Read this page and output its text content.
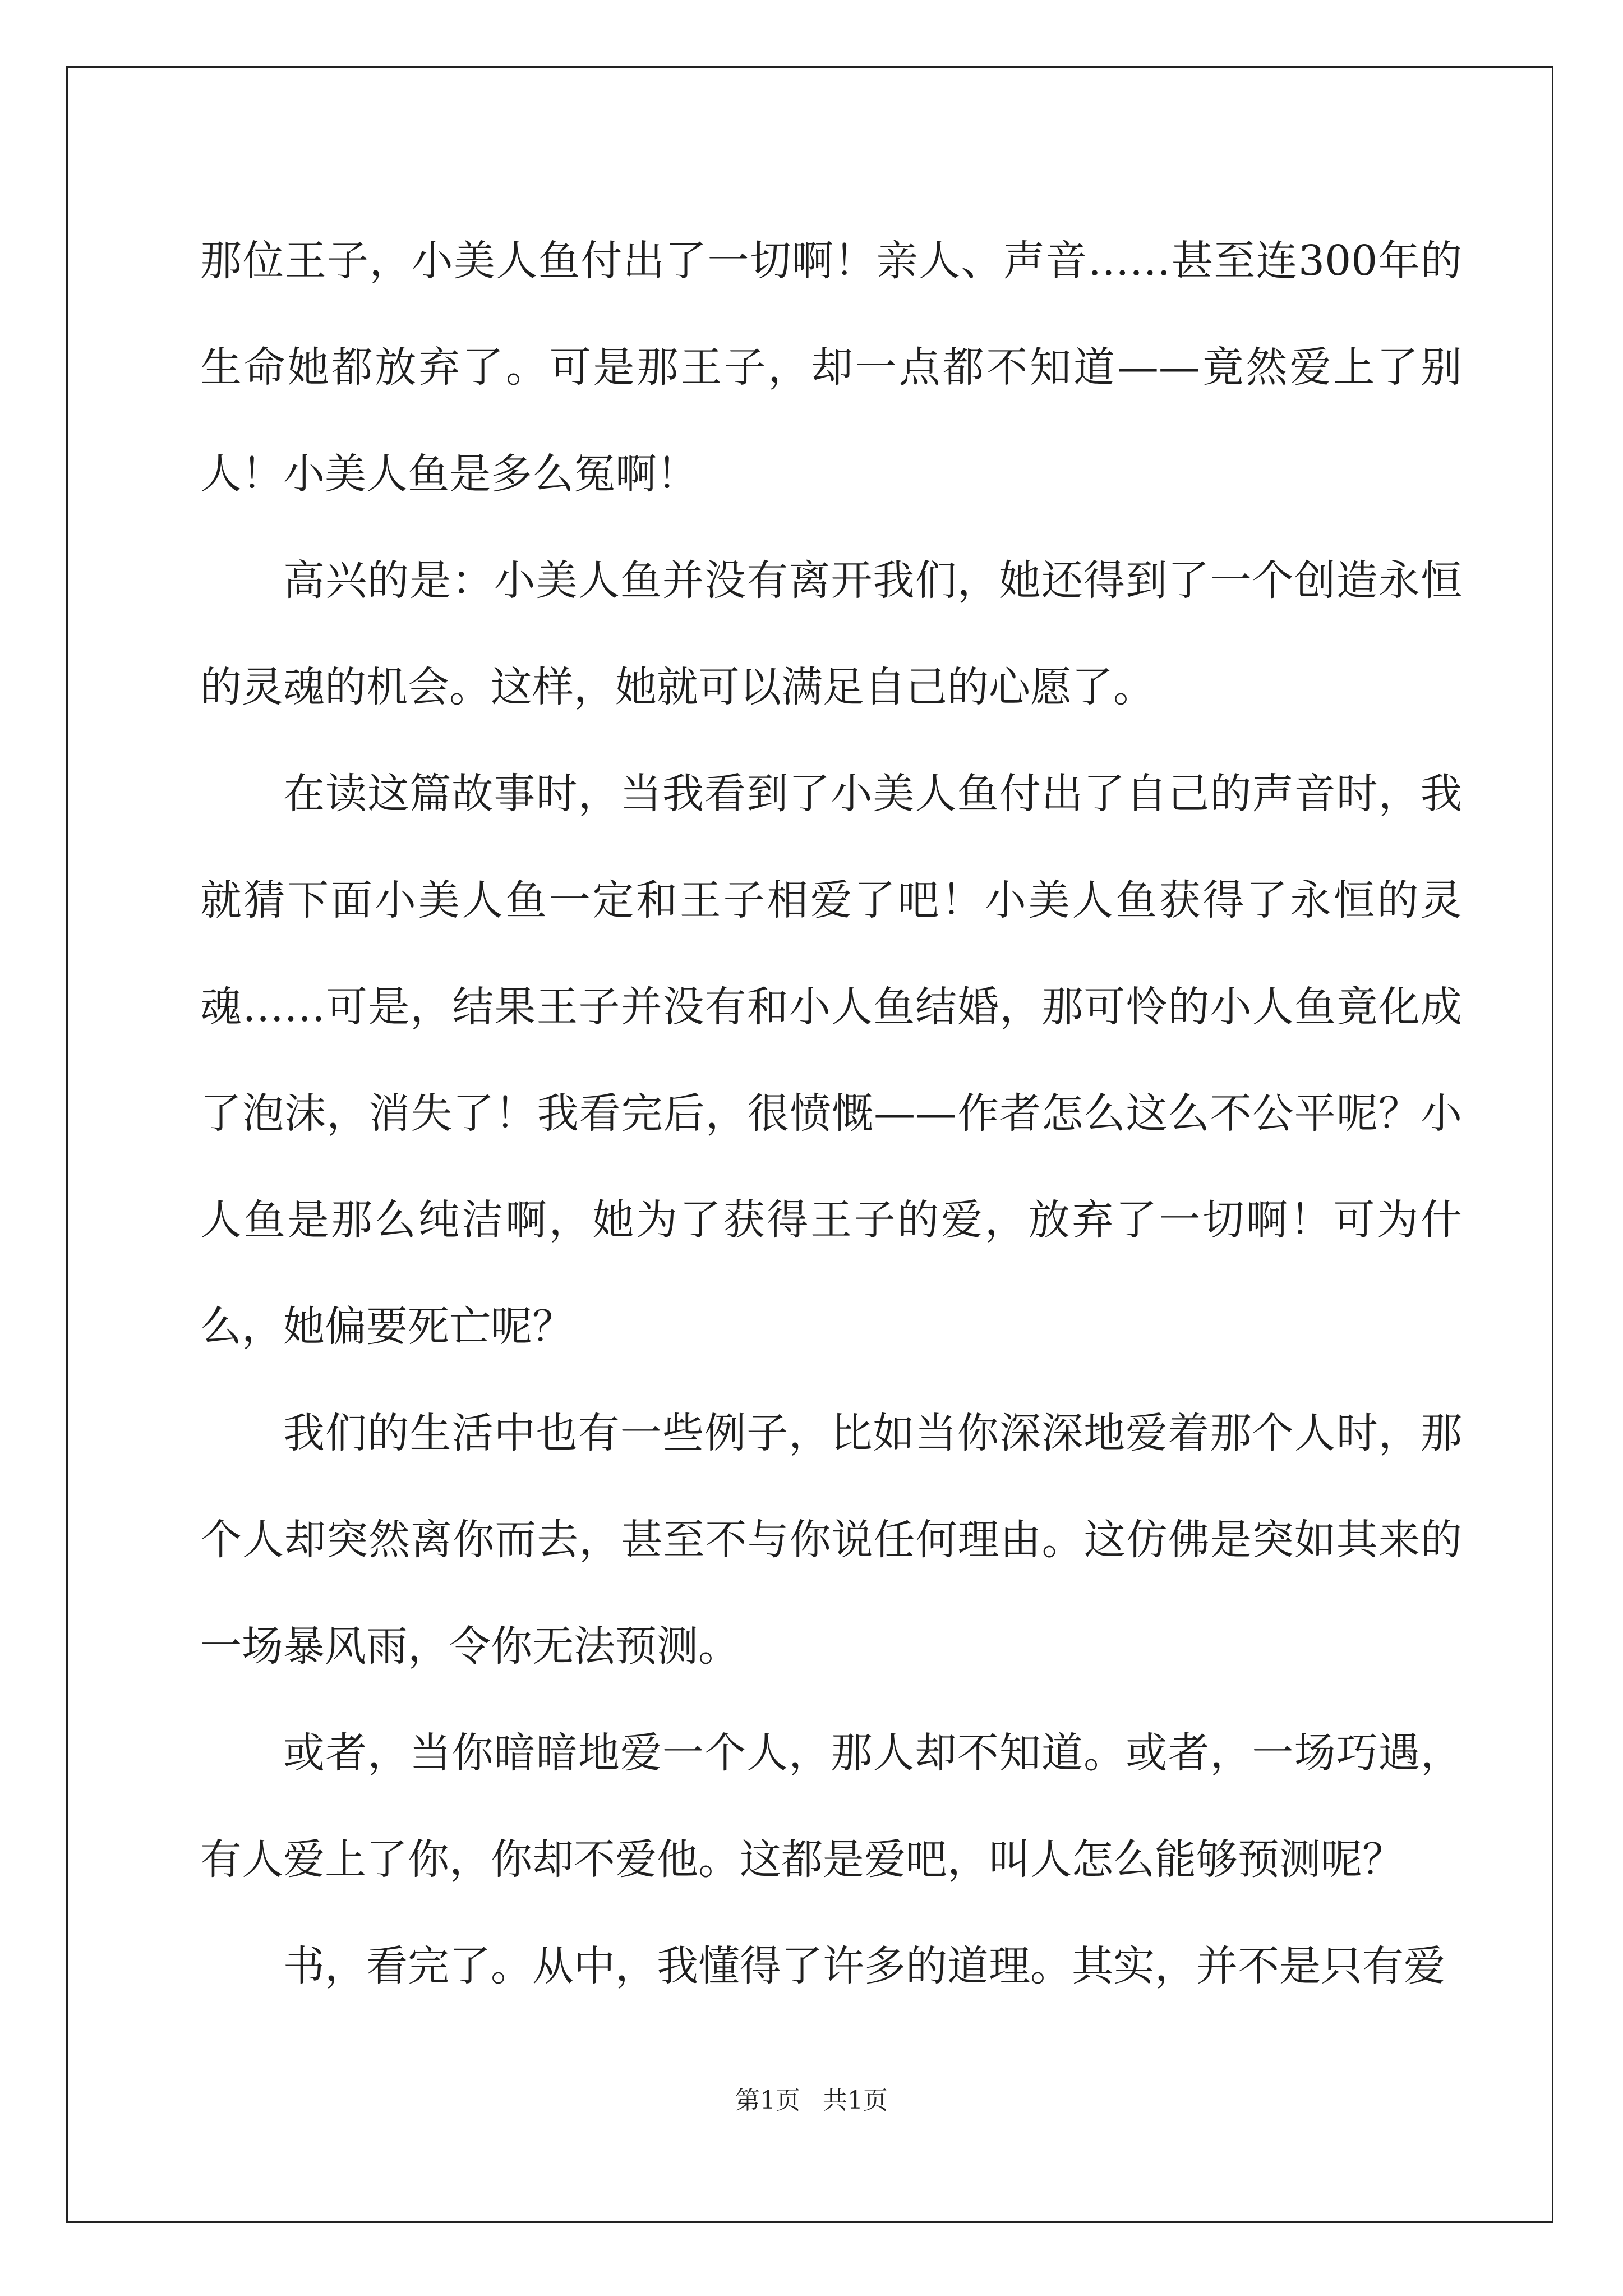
那位王子，小美人鱼付出了一切啊！亲人、声音……甚至连300年的生命她都放弃了。可是那王子，却一点都不知道——竟然爱上了别人！小美人鱼是多么冤啊！

高兴的是：小美人鱼并没有离开我们，她还得到了一个创造永恒的灵魂的机会。这样，她就可以满足自己的心愿了。

在读这篇故事时，当我看到了小美人鱼付出了自己的声音时，我就猜下面小美人鱼一定和王子相爱了吧！小美人鱼获得了永恒的灵魂……可是，结果王子并没有和小人鱼结婚，那可怜的小人鱼竟化成了泡沫，消失了！我看完后，很愤慨——作者怎么这么不公平呢？小人鱼是那么纯洁啊，她为了获得王子的爱，放弃了一切啊！可为什么，她偏要死亡呢？

我们的生活中也有一些例子，比如当你深深地爱着那个人时，那个人却突然离你而去，甚至不与你说任何理由。这仿佛是突如其来的一场暴风雨，令你无法预测。

或者，当你暗暗地爱一个人，那人却不知道。或者，一场巧遇，有人爱上了你，你却不爱他。这都是爱吧，叫人怎么能够预测呢？

书，看完了。从中，我懂得了许多的道理。其实，并不是只有爱

第1页 共1页
